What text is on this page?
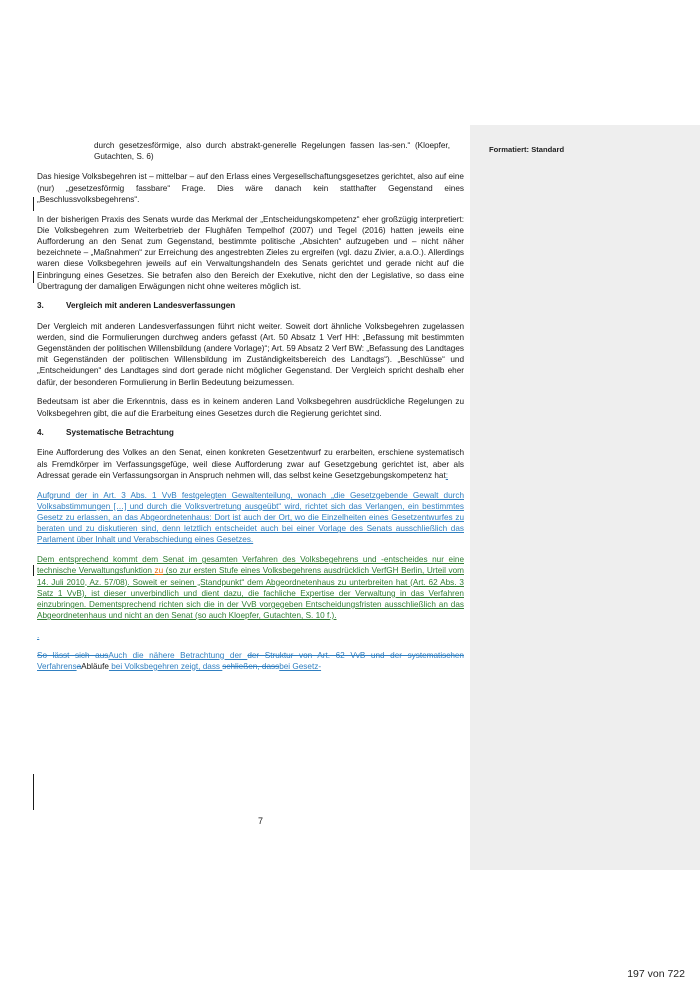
Formatiert: Standard

durch gesetzesförmige, also durch abstrakt-generelle Regelungen fassen las-sen.“ (Kloepfer, Gutachten, S. 6)

Das hiesige Volksbegehren ist – mittelbar – auf den Erlass eines Vergesellschaftungsgesetzes gerichtet, also auf eine (nur) „gesetzesförmig fassbare“ Frage. Dies wäre danach kein statthafter Gegenstand eines „Beschlussvolksbegehrens“.

In der bisherigen Praxis des Senats wurde das Merkmal der „Entscheidungskompetenz“ eher großzügig interpretiert: Die Volksbegehren zum Weiterbetrieb der Flughäfen Tempelhof (2007) und Tegel (2016) hatten jeweils eine Aufforderung an den Senat zum Gegenstand, bestimmte politische „Absichten“ aufzugeben und – nicht näher bezeichnete – „Maßnahmen“ zur Erreichung des angestrebten Zieles zu ergreifen (vgl. dazu Zivier, a.a.O.). Allerdings waren diese Volksbegehren jeweils auf ein Verwaltungshandeln des Senats gerichtet und gerade nicht auf die Einbringung eines Gesetzes. Sie betrafen also den Bereich der Exekutive, nicht den der Legislative, so dass eine Übertragung der damaligen Erwägungen nicht ohne weiteres möglich ist.

3.	Vergleich mit anderen Landesverfassungen

Der Vergleich mit anderen Landesverfassungen führt nicht weiter. Soweit dort ähnliche Volksbegehren zugelassen werden, sind die Formulierungen durchweg anders gefasst (Art. 50 Absatz 1 Verf HH: „Befassung mit bestimmten Gegenständen der politischen Willensbildung (andere Vorlage)“; Art. 59 Absatz 2 Verf BW: „Befassung des Landtages mit Gegenständen der politischen Willensbildung im Zuständigkeitsbereich des Landtags“). „Beschlüsse“ und „Entscheidungen“ des Landtages sind dort gerade nicht möglicher Gegenstand. Der Vergleich spricht deshalb eher dafür, der besonderen Formulierung in Berlin Bedeutung beizumessen.

Bedeutsam ist aber die Erkenntnis, dass es in keinem anderen Land Volksbegehren ausdrückliche Regelungen zu Volksbegehren gibt, die auf die Erarbeitung eines Gesetzes durch die Regierung gerichtet sind.

4.	Systematische Betrachtung

Eine Aufforderung des Volkes an den Senat, einen konkreten Gesetzentwurf zu erarbeiten, erschiene systematisch als Fremdkörper im Verfassungsgefüge, weil diese Aufforderung zwar auf Gesetzgebung gerichtet ist, aber als Adressat gerade ein Verfassungsorgan in Anspruch nehmen will, das selbst keine Gesetzgebungskompetenz hat:

Aufgrund der in Art. 3 Abs. 1 VvB festgelegten Gewaltenteilung, wonach „die Gesetzgebende Gewalt durch Volksabstimmungen […] und durch die Volksvertretung ausgeübt“ wird, richtet sich das Verlangen, ein bestimmtes Gesetz zu erlassen, an das Abgeordnetenhaus: Dort ist auch der Ort, wo die Einzelheiten eines Gesetzentwurfes zu beraten und zu diskutieren sind, denn letztlich entscheidet auch bei einer Vorlage des Senats ausschließlich das Parlament über Inhalt und Verabschiedung eines Gesetzes.

Dem entsprechend kommt dem Senat im gesamten Verfahren des Volksbegehrens und -entscheides nur eine technische Verwaltungsfunktion zu (so zur ersten Stufe eines Volksbegehrens ausdrücklich VerfGH Berlin, Urteil vom 14. Juli 2010, Az. 57/08). Soweit er seinen „Standpunkt“ dem Abgeordnetenhaus zu unterbreiten hat (Art. 62 Abs. 3 Satz 1 VvB), ist dieser unverbindlich und dient dazu, die fachliche Expertise der Verwaltung in das Verfahren einzubringen. Dementsprechend richten sich die in der VvB vorgegeben Entscheidungsfristen ausschließlich an das Abgeordnetenhaus und nicht an den Senat (so auch Kloepfer, Gutachten, S. 10 f.).

.

So lässt sich ausAuch die nähere Betrachtung der der Struktur von Art. 62 VvB und der systematischen VerfahrensaAbläufe bei Volksbegehren zeigt, dass schließen, dassbei Gesetz-

7
197 von 722
